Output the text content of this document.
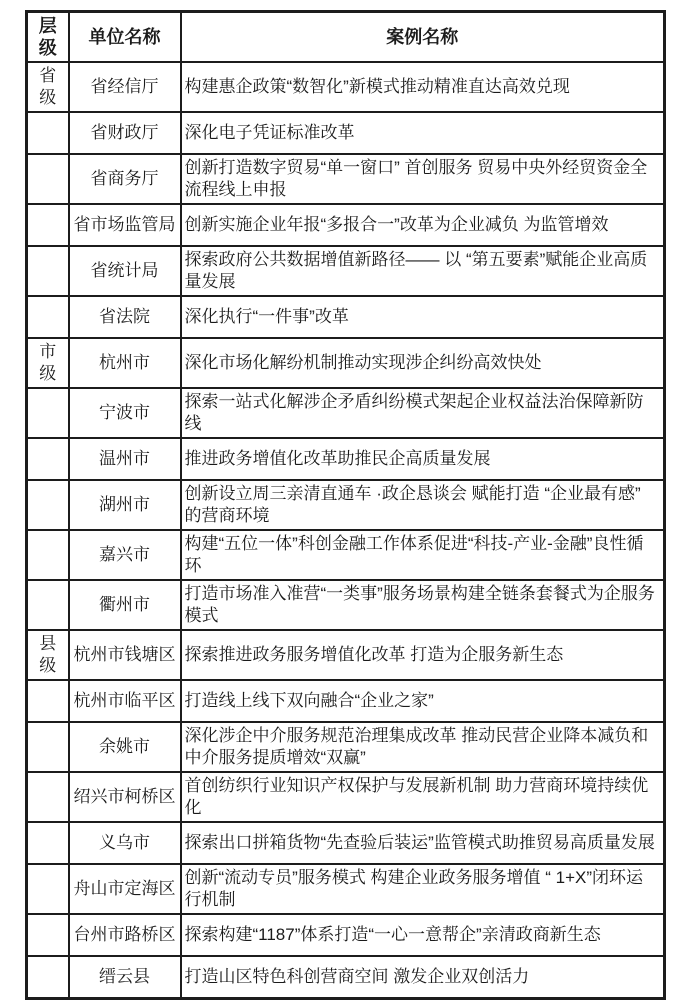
层级	单位名称	案例名称
省级	省经信厅	构建惠企政策“数智化”新模式推动精准直达高效兑现
	省财政厅	深化电子凭证标准改革
	省商务厅	创新打造数字贸易“单一窗口” 首创服务 贸易中央外经贸资金全流程线上申报
	省市场监管局	创新实施企业年报“多报合一”改革为企业减负 为监管增效
	省统计局	探索政府公共数据增值新路径—— 以 “第五要素”赋能企业高质量发展
	省法院	深化执行“一件事”改革
市级	杭州市	深化市场化解纷机制推动实现涉企纠纷高效快处
	宁波市	探索一站式化解涉企矛盾纠纷模式架起企业权益法治保障新防线
	温州市	推进政务增值化改革助推民企高质量发展
	湖州市	创新设立周三亲清直通车 ·政企恳谈会 赋能打造 “企业最有感” 的营商环境
	嘉兴市	构建“五位一体”科创金融工作体系促进“科技-产业-金融”良性循环
	衢州市	打造市场准入准营“一类事”服务场景构建全链条套餐式为企服务模式
县级	杭州市钱塘区	探索推进政务服务增值化改革 打造为企服务新生态
	杭州市临平区	打造线上线下双向融合“企业之家”
	余姚市	深化涉企中介服务规范治理集成改革 推动民营企业降本减负和中介服务提质增效“双赢”
	绍兴市柯桥区	首创纺织行业知识产权保护与发展新机制 助力营商环境持续优化
	义乌市	探索出口拼箱货物“先查验后装运”监管模式助推贸易高质量发展
	舟山市定海区	创新“流动专员”服务模式 构建企业政务服务增值 “ 1+X”闭环运行机制
	台州市路桥区	探索构建“1187”体系打造“一心一意帮企”亲清政商新生态
	缙云县	打造山区特色科创营商空间 激发企业双创活力
